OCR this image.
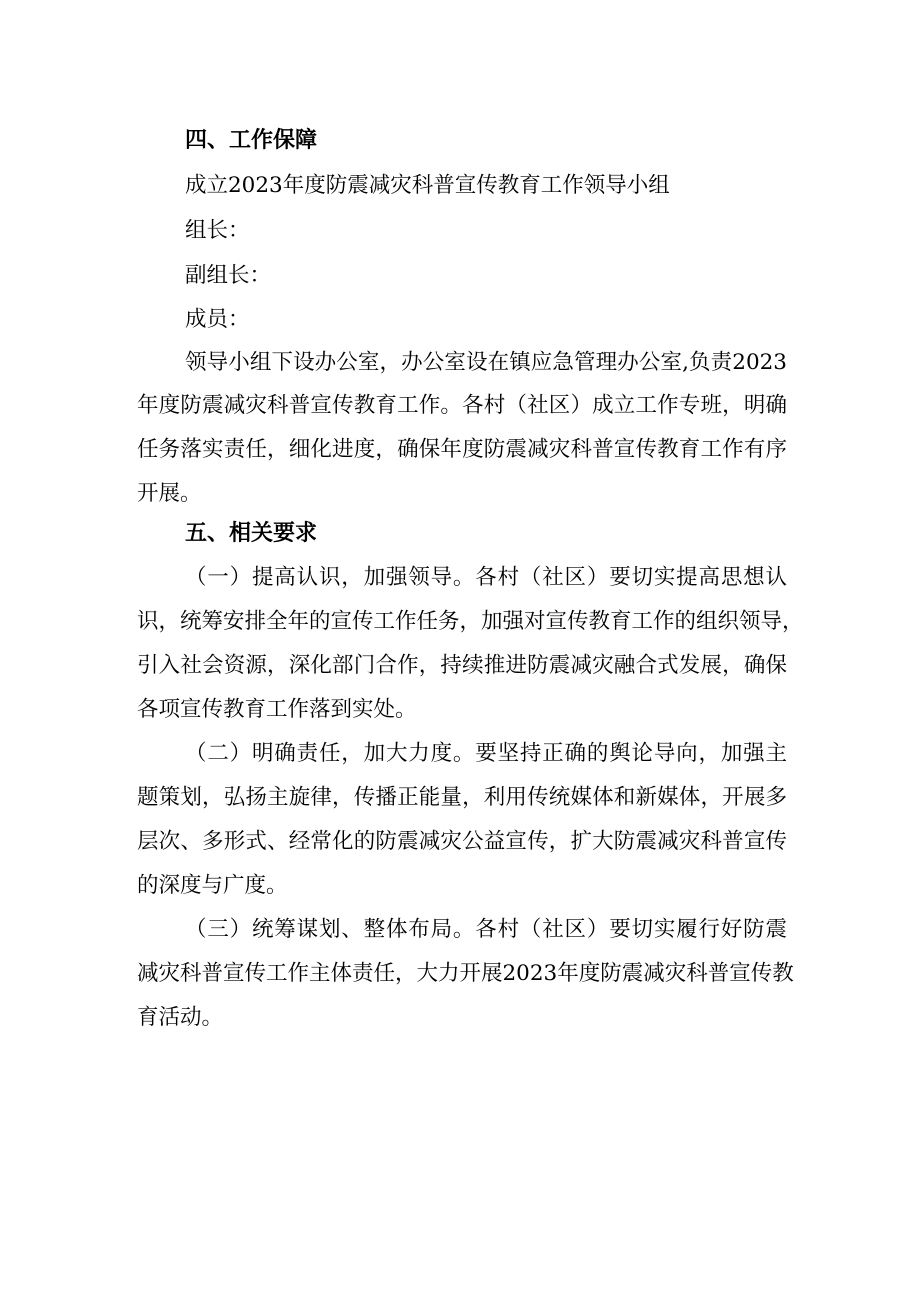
四、工作保障
成立2023年度防震减灾科普宣传教育工作领导小组
组长：
副组长：
成员：
领导小组下设办公室，办公室设在镇应急管理办公室,负责2023
年度防震减灾科普宣传教育工作。各村（社区）成立工作专班，明确
任务落实责任，细化进度，确保年度防震减灾科普宣传教育工作有序
开展。
五、相关要求
（一）提高认识，加强领导。各村（社区）要切实提高思想认
识，统筹安排全年的宣传工作任务，加强对宣传教育工作的组织领导，
引入社会资源，深化部门合作，持续推进防震减灾融合式发展，确保
各项宣传教育工作落到实处。
（二）明确责任，加大力度。要坚持正确的舆论导向，加强主
题策划，弘扬主旋律，传播正能量，利用传统媒体和新媒体，开展多
层次、多形式、经常化的防震减灾公益宣传，扩大防震减灾科普宣传
的深度与广度。
（三）统筹谋划、整体布局。各村（社区）要切实履行好防震
减灾科普宣传工作主体责任，大力开展2023年度防震减灾科普宣传教
育活动。
